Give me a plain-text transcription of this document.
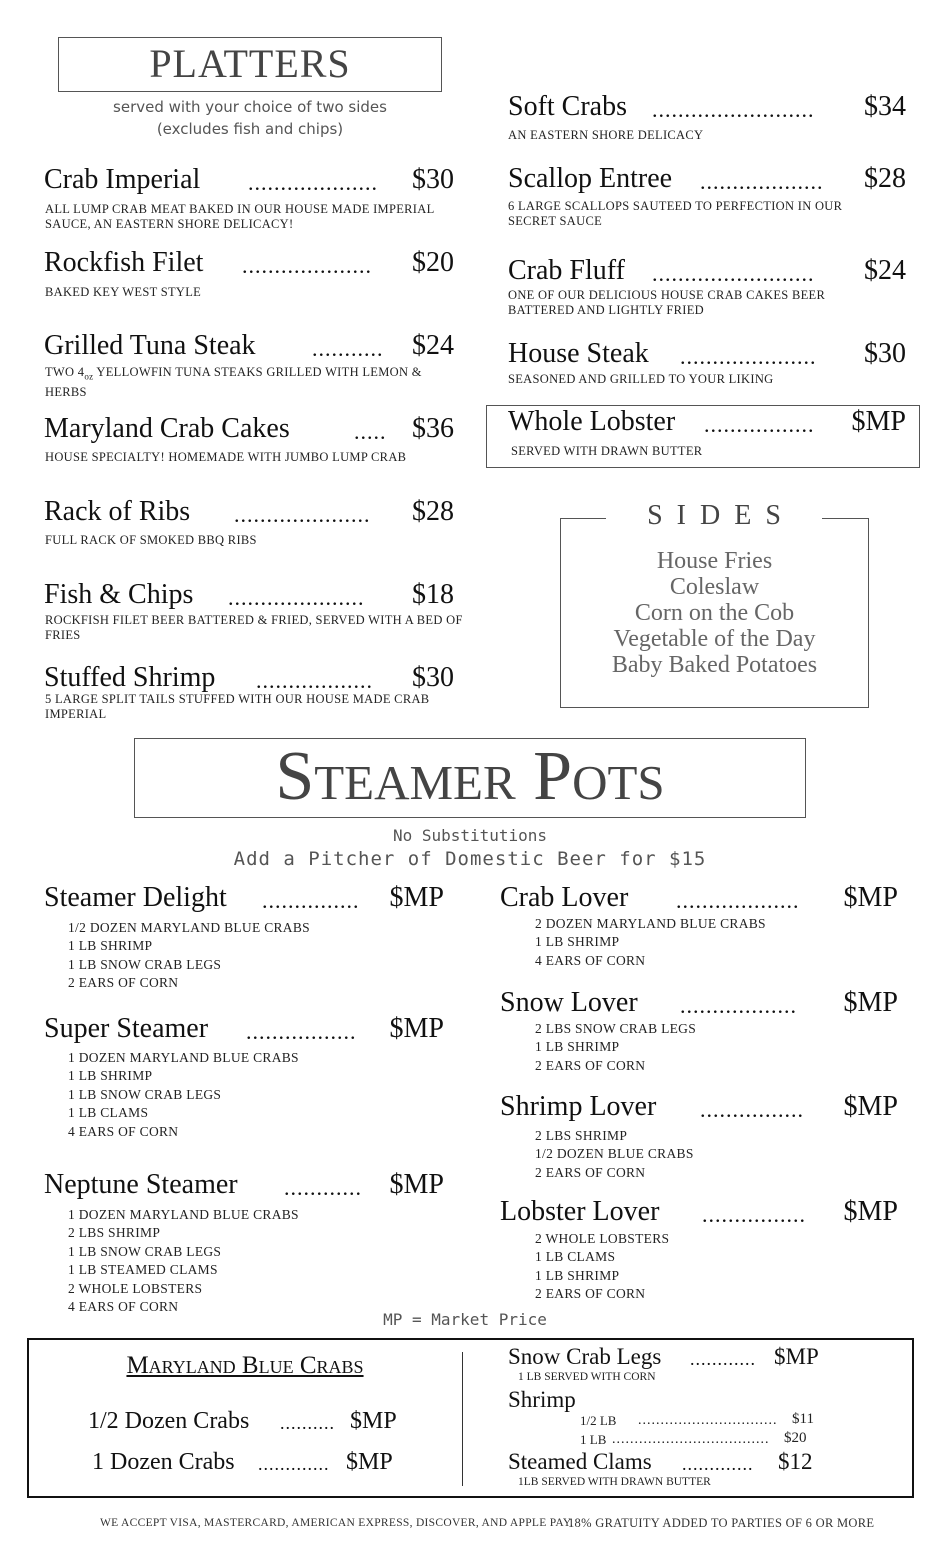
PLATTERS
served with your choice of two sides
(excludes fish and chips)
Crab Imperial ....................	$30
ALL LUMP CRAB MEAT BAKED IN OUR HOUSE MADE IMPERIAL SAUCE, AN EASTERN SHORE DELICACY!
Rockfish Filet ....................	$20
BAKED KEY WEST STYLE
Grilled Tuna Steak	...........	$24
TWO $4_{oz}$ YELLOWFIN TUNA STEAKS GRILLED WITH LEMON & HERBS
Maryland Crab Cakes	..... $36
HOUSE SPECIALTY! HOMEMADE WITH JUMBO LUMP CRAB
Rack of Ribs .....................	$28
FULL RACK OF SMOKED BBQ RIBS
Fish & Chips .....................	$18
ROCKFISH FILET BEER BATTERED & FRIED, SERVED WITH A BED OF FRIES
Stuffed Shrimp ..................	$30
5 LARGE SPLIT TAILS STUFFED WITH OUR HOUSE MADE CRAB IMPERIAL
Soft Crabs .........................	$34
AN EASTERN SHORE DELICACY
Scallop Entree ...................	$28
6 LARGE SCALLOPS SAUTEED TO PERFECTION IN OUR SECRET SAUCE
Crab Fluff .........................	$24
ONE OF OUR DELICIOUS HOUSE CRAB CAKES BEER BATTERED AND LIGHTLY FRIED
House Steak .....................	$30
SEASONED AND GRILLED TO YOUR LIKING
Whole Lobster .................	$MP
SERVED WITH DRAWN BUTTER
SIDES
House Fries
Coleslaw
Corn on the Cob
Vegetable of the Day
Baby Baked Potatoes
Steamer Pots
No Substitutions
Add a Pitcher of Domestic Beer for $15
Steamer Delight ...............	$MP
1/2 DOZEN MARYLAND BLUE CRABS
1 LB SHRIMP
1 LB SNOW CRAB LEGS
2 EARS OF CORN
Super Steamer .................	$MP
1 DOZEN MARYLAND BLUE CRABS
1 LB SHRIMP
1 LB SNOW CRAB LEGS
1 LB CLAMS
4 EARS OF CORN
Neptune Steamer ............ $MP
1 DOZEN MARYLAND BLUE CRABS
2 LBS SHRIMP
1 LB SNOW CRAB LEGS
1 LB STEAMED CLAMS
2 WHOLE LOBSTERS
4 EARS OF CORN
Crab Lover ...................	$MP
2 DOZEN MARYLAND BLUE CRABS
1 LB SHRIMP
4 EARS OF CORN
Snow Lover ..................	$MP
2 LBS SNOW CRAB LEGS
1 LB SHRIMP
2 EARS OF CORN
Shrimp Lover ................	$MP
2 LBS SHRIMP
1/2 DOZEN BLUE CRABS
2 EARS OF CORN
Lobster Lover ................	$MP
2 WHOLE LOBSTERS
1 LB CLAMS
1 LB SHRIMP
2 EARS OF CORN
MP = Market Price
Maryland Blue Crabs
1/2 Dozen Crabs .......... $MP
1 Dozen Crabs ............. $MP
Snow Crab Legs ............ $MP
1 LB SERVED WITH CORN
Shrimp
1/2 LB ............................... $11
1 LB ................................... $20
Steamed Clams .............	$12
1LB SERVED WITH DRAWN BUTTER
WE ACCEPT VISA, MASTERCARD, AMERICAN EXPRESS, DISCOVER, AND APPLE PAY.
18% GRATUITY ADDED TO PARTIES OF 6 OR MORE
